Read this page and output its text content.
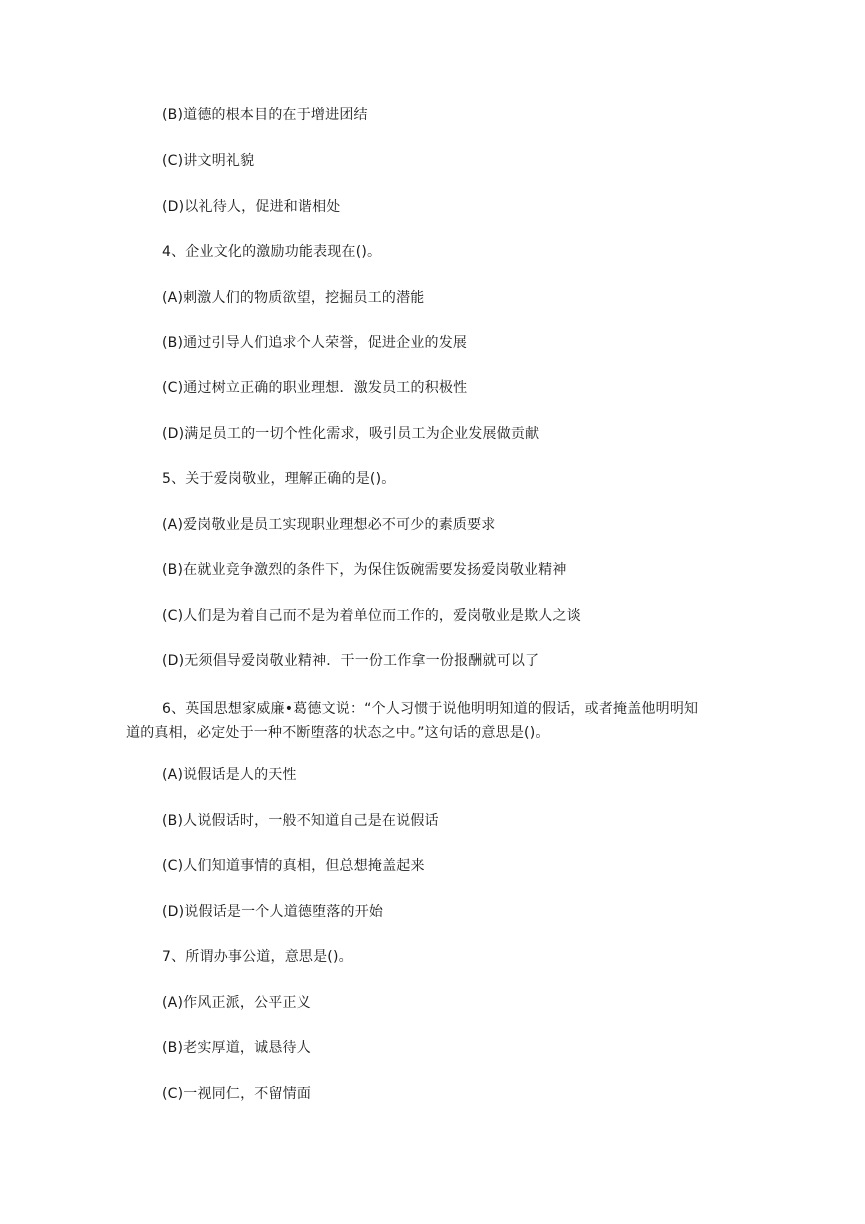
(B)道德的根本目的在于增进团结
(C)讲文明礼貌
(D)以礼待人，促进和谐相处
4、企业文化的激励功能表现在()。
(A)刺激人们的物质欲望，挖掘员工的潜能
(B)通过引导人们追求个人荣誉，促进企业的发展
(C)通过树立正确的职业理想．激发员工的积极性
(D)满足员工的一切个性化需求，吸引员工为企业发展做贡献
5、关于爱岗敬业，理解正确的是()。
(A)爱岗敬业是员工实现职业理想必不可少的素质要求
(B)在就业竞争激烈的条件下，为保住饭碗需要发扬爱岗敬业精神
(C)人们是为着自己而不是为着单位而工作的，爱岗敬业是欺人之谈
(D)无须倡导爱岗敬业精神．干一份工作拿一份报酬就可以了
6、英国思想家威廉•葛德文说：“个人习惯于说他明明知道的假话，或者掩盖他明明知
道的真相，必定处于一种不断堕落的状态之中。”这句话的意思是()。
(A)说假话是人的天性
(B)人说假话时，一般不知道自己是在说假话
(C)人们知道事情的真相，但总想掩盖起来
(D)说假话是一个人道德堕落的开始
7、所谓办事公道，意思是()。
(A)作风正派，公平正义
(B)老实厚道，诚恳待人
(C)一视同仁，不留情面
